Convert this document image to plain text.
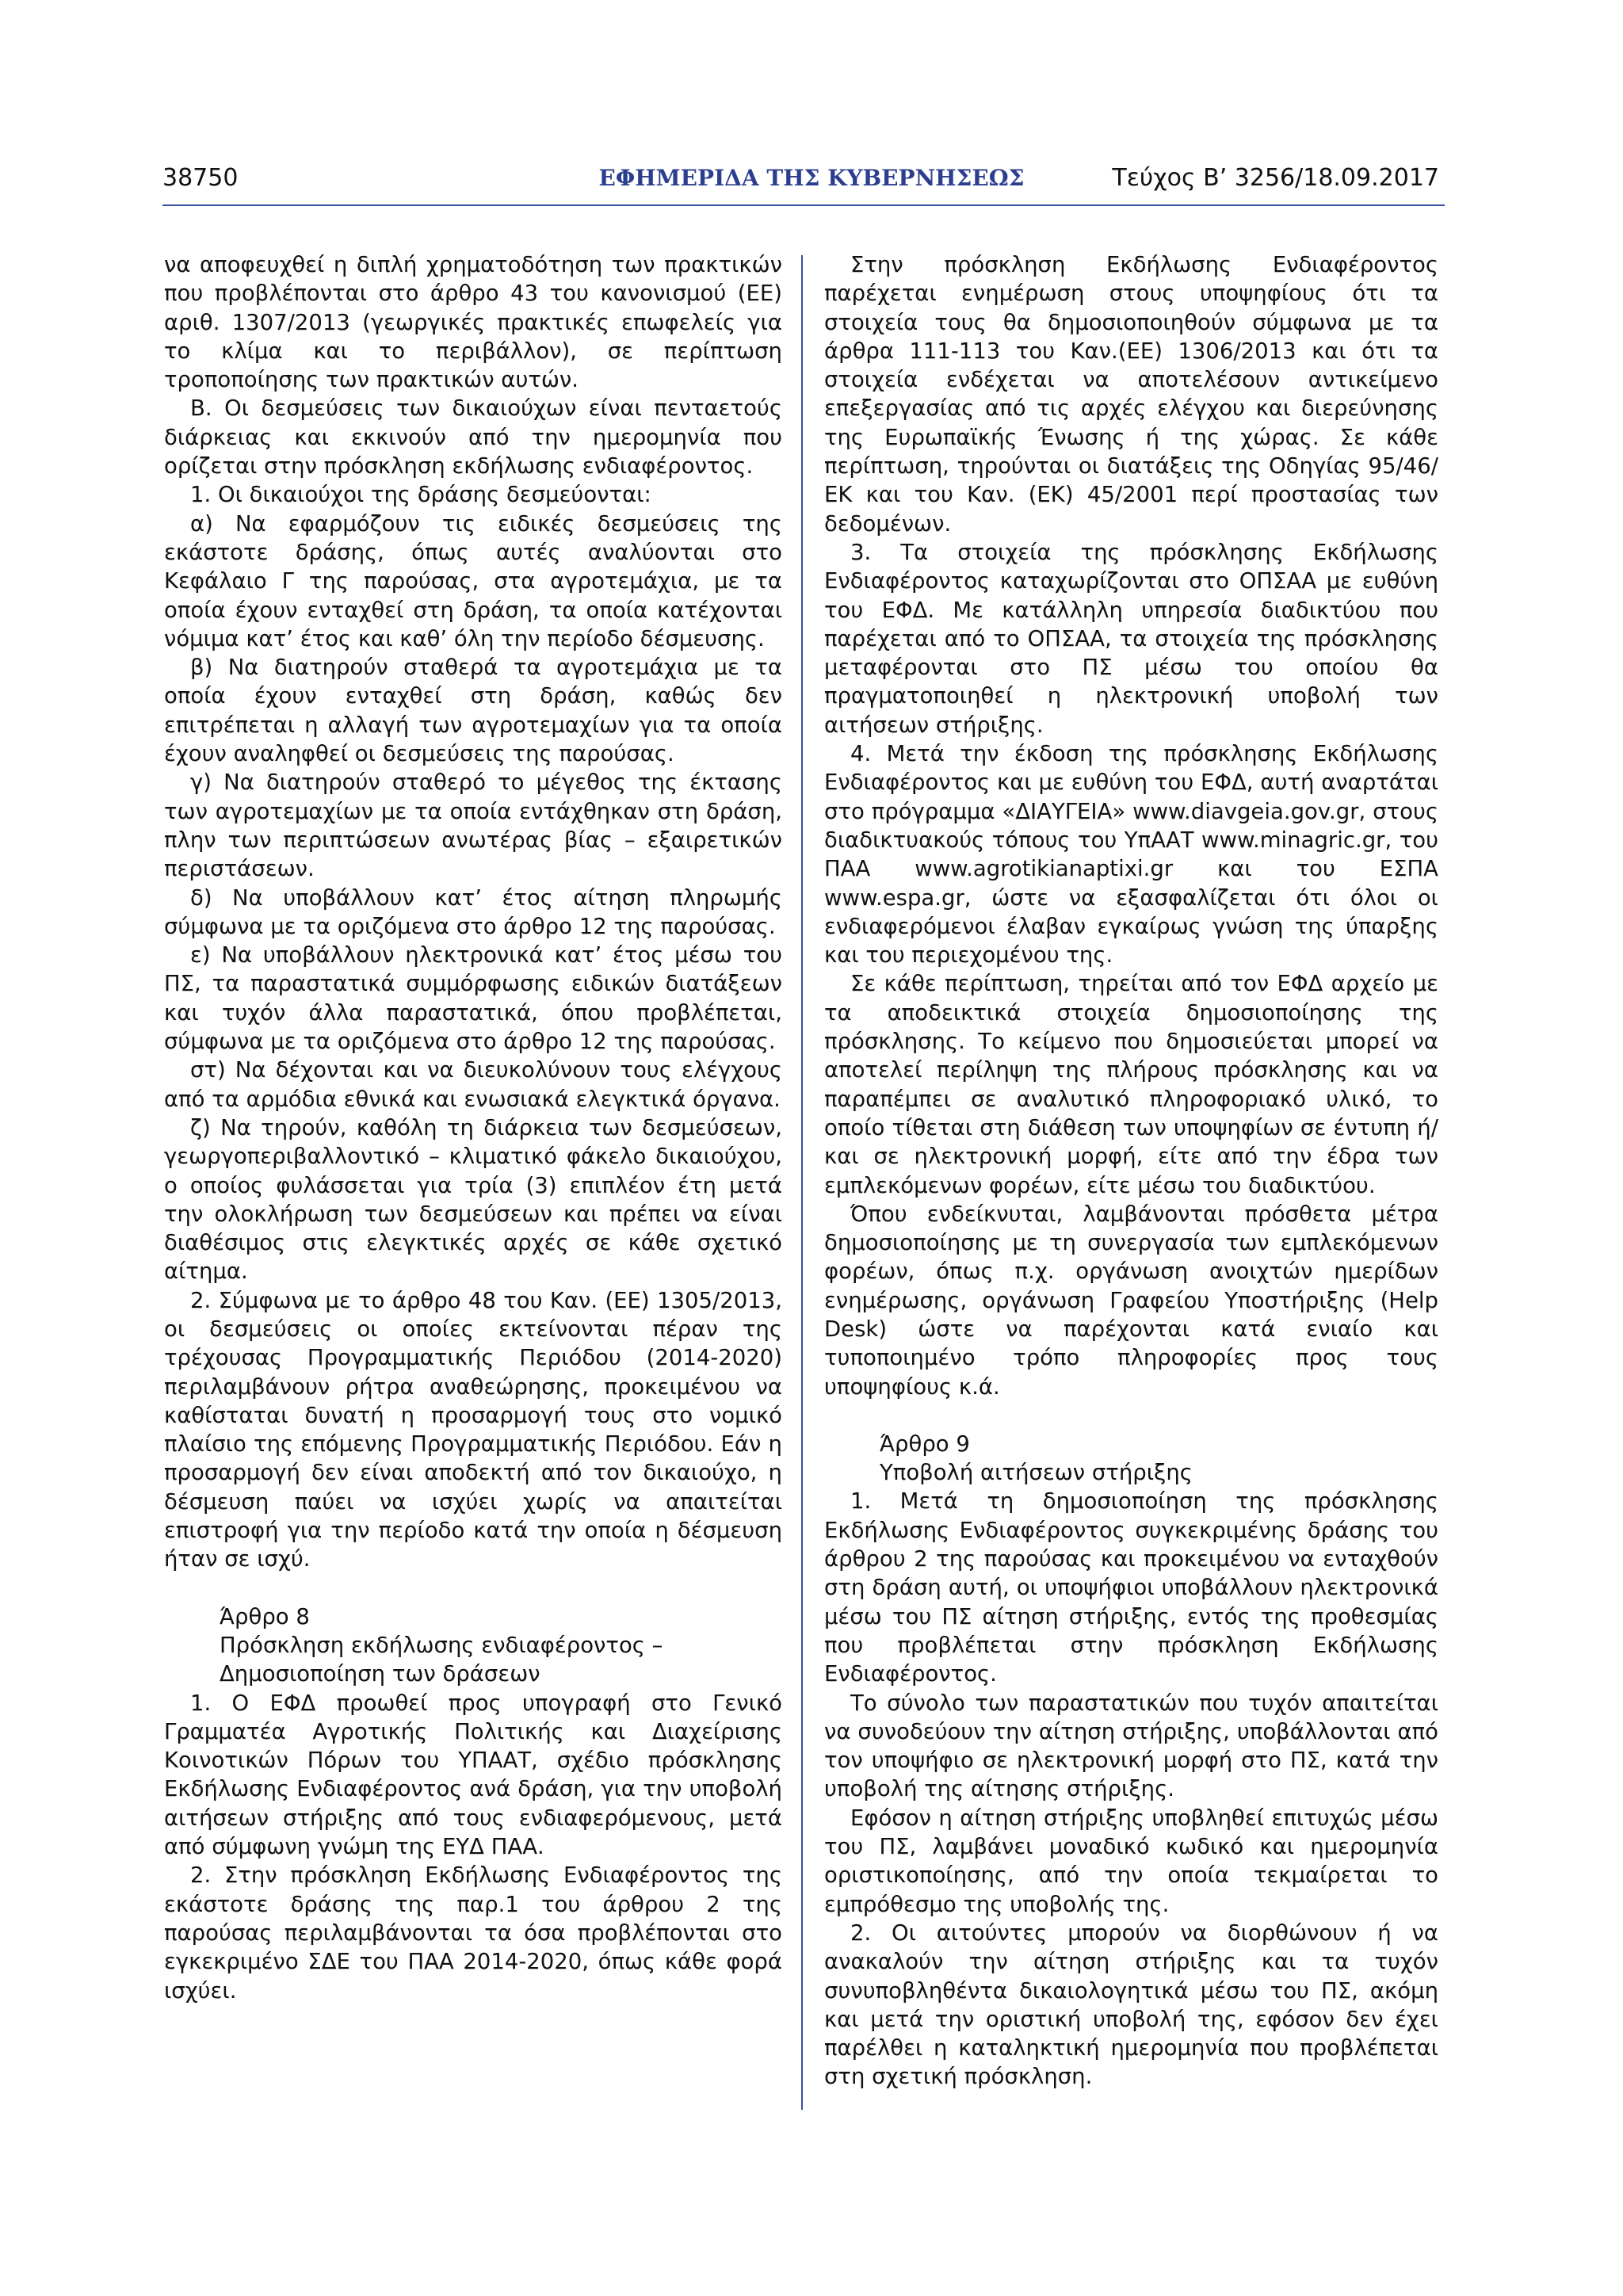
38750	ΕΦΗΜΕΡΙΔΑ ΤΗΣ ΚΥΒΕΡΝΗΣΕΩΣ	Τεύχος Β’ 3256/18.09.2017

να αποφευχθεί η διπλή χρηματοδότηση των πρακτικών που προβλέπονται στο άρθρο 43 του κανονισμού (ΕΕ) αριθ. 1307/2013 (γεωργικές πρακτικές επωφελείς για το κλίμα και το περιβάλλον), σε περίπτωση τροποποίησης των πρακτικών αυτών.

Β. Οι δεσμεύσεις των δικαιούχων είναι πενταετούς διάρκειας και εκκινούν από την ημερομηνία που ορίζεται στην πρόσκληση εκδήλωσης ενδιαφέροντος.

1. Οι δικαιούχοι της δράσης δεσμεύονται:

α) Να εφαρμόζουν τις ειδικές δεσμεύσεις της εκάστοτε δράσης, όπως αυτές αναλύονται στο Κεφάλαιο Γ της παρούσας, στα αγροτεμάχια, με τα οποία έχουν ενταχθεί στη δράση, τα οποία κατέχονται νόμιμα κατ’ έτος και καθ’ όλη την περίοδο δέσμευσης.

β) Να διατηρούν σταθερά τα αγροτεμάχια με τα οποία έχουν ενταχθεί στη δράση, καθώς δεν επιτρέπεται η αλλαγή των αγροτεμαχίων για τα οποία έχουν αναληφθεί οι δεσμεύσεις της παρούσας.

γ) Να διατηρούν σταθερό το μέγεθος της έκτασης των αγροτεμαχίων με τα οποία εντάχθηκαν στη δράση, πλην των περιπτώσεων ανωτέρας βίας – εξαιρετικών περιστάσεων.

δ) Να υποβάλλουν κατ’ έτος αίτηση πληρωμής σύμφωνα με τα οριζόμενα στο άρθρο 12 της παρούσας.

ε) Να υποβάλλουν ηλεκτρονικά κατ’ έτος μέσω του ΠΣ, τα παραστατικά συμμόρφωσης ειδικών διατάξεων και τυχόν άλλα παραστατικά, όπου προβλέπεται, σύμφωνα με τα οριζόμενα στο άρθρο 12 της παρούσας.

στ) Να δέχονται και να διευκολύνουν τους ελέγχους από τα αρμόδια εθνικά και ενωσιακά ελεγκτικά όργανα.

ζ) Να τηρούν, καθόλη τη διάρκεια των δεσμεύσεων, γεωργοπεριβαλλοντικό – κλιματικό φάκελο δικαιούχου, ο οποίος φυλάσσεται για τρία (3) επιπλέον έτη μετά την ολοκλήρωση των δεσμεύσεων και πρέπει να είναι διαθέσιμος στις ελεγκτικές αρχές σε κάθε σχετικό αίτημα.

2. Σύμφωνα με το άρθρο 48 του Καν. (ΕΕ) 1305/2013, οι δεσμεύσεις οι οποίες εκτείνονται πέραν της τρέχουσας Προγραμματικής Περιόδου (2014-2020) περιλαμβάνουν ρήτρα αναθεώρησης, προκειμένου να καθίσταται δυνατή η προσαρμογή τους στο νομικό πλαίσιο της επόμενης Προγραμματικής Περιόδου. Εάν η προσαρμογή δεν είναι αποδεκτή από τον δικαιούχο, η δέσμευση παύει να ισχύει χωρίς να απαιτείται επιστροφή για την περίοδο κατά την οποία η δέσμευση ήταν σε ισχύ.

Άρθρο 8

Πρόσκληση εκδήλωσης ενδιαφέροντος –

Δημοσιοποίηση των δράσεων

1. Ο ΕΦΔ προωθεί προς υπογραφή στο Γενικό Γραμματέα Αγροτικής Πολιτικής και Διαχείρισης Κοινοτικών Πόρων του ΥΠΑΑΤ, σχέδιο πρόσκλησης Εκδήλωσης Ενδιαφέροντος ανά δράση, για την υποβολή αιτήσεων στήριξης από τους ενδιαφερόμενους, μετά από σύμφωνη γνώμη της ΕΥΔ ΠΑΑ.

2. Στην πρόσκληση Εκδήλωσης Ενδιαφέροντος της εκάστοτε δράσης της παρ.1 του άρθρου 2 της παρούσας περιλαμβάνονται τα όσα προβλέπονται στο εγκεκριμένο ΣΔΕ του ΠΑΑ 2014-2020, όπως κάθε φορά ισχύει.

Στην πρόσκληση Εκδήλωσης Ενδιαφέροντος παρέχεται ενημέρωση στους υποψηφίους ότι τα στοιχεία τους θα δημοσιοποιηθούν σύμφωνα με τα άρθρα 111-113 του Καν.(ΕΕ) 1306/2013 και ότι τα στοιχεία ενδέχεται να αποτελέσουν αντικείμενο επεξεργασίας από τις αρχές ελέγχου και διερεύνησης της Ευρωπαϊκής Ένωσης ή της χώρας. Σε κάθε περίπτωση, τηρούνται οι διατάξεις της Οδηγίας 95/46/ΕΚ και του Καν. (ΕΚ) 45/2001 περί προστασίας των δεδομένων.

3. Τα στοιχεία της πρόσκλησης Εκδήλωσης Ενδιαφέροντος καταχωρίζονται στο ΟΠΣΑΑ με ευθύνη του ΕΦΔ. Με κατάλληλη υπηρεσία διαδικτύου που παρέχεται από το ΟΠΣΑΑ, τα στοιχεία της πρόσκλησης μεταφέρονται στο ΠΣ μέσω του οποίου θα πραγματοποιηθεί η ηλεκτρονική υποβολή των αιτήσεων στήριξης.

4. Μετά την έκδοση της πρόσκλησης Εκδήλωσης Ενδιαφέροντος και με ευθύνη του ΕΦΔ, αυτή αναρτάται στο πρόγραμμα «ΔΙΑΥΓΕΙΑ» www.diavgeia.gov.gr, στους διαδικτυακούς τόπους του ΥπΑΑΤ www.minagric.gr, του ΠΑΑ www.agrotikianaptixi.gr και του ΕΣΠΑ www.espa.gr, ώστε να εξασφαλίζεται ότι όλοι οι ενδιαφερόμενοι έλαβαν εγκαίρως γνώση της ύπαρξης και του περιεχομένου της.

Σε κάθε περίπτωση, τηρείται από τον ΕΦΔ αρχείο με τα αποδεικτικά στοιχεία δημοσιοποίησης της πρόσκλησης. Το κείμενο που δημοσιεύεται μπορεί να αποτελεί περίληψη της πλήρους πρόσκλησης και να παραπέμπει σε αναλυτικό πληροφοριακό υλικό, το οποίο τίθεται στη διάθεση των υποψηφίων σε έντυπη ή/και σε ηλεκτρονική μορφή, είτε από την έδρα των εμπλεκόμενων φορέων, είτε μέσω του διαδικτύου.

Όπου ενδείκνυται, λαμβάνονται πρόσθετα μέτρα δημοσιοποίησης με τη συνεργασία των εμπλεκόμενων φορέων, όπως π.χ. οργάνωση ανοιχτών ημερίδων ενημέρωσης, οργάνωση Γραφείου Υποστήριξης (Help Desk) ώστε να παρέχονται κατά ενιαίο και τυποποιημένο τρόπο πληροφορίες προς τους υποψηφίους κ.ά.

Άρθρο 9

Υποβολή αιτήσεων στήριξης

1. Μετά τη δημοσιοποίηση της πρόσκλησης Εκδήλωσης Ενδιαφέροντος συγκεκριμένης δράσης του άρθρου 2 της παρούσας και προκειμένου να ενταχθούν στη δράση αυτή, οι υποψήφιοι υποβάλλουν ηλεκτρονικά μέσω του ΠΣ αίτηση στήριξης, εντός της προθεσμίας που προβλέπεται στην πρόσκληση Εκδήλωσης Ενδιαφέροντος.

Το σύνολο των παραστατικών που τυχόν απαιτείται να συνοδεύουν την αίτηση στήριξης, υποβάλλονται από τον υποψήφιο σε ηλεκτρονική μορφή στο ΠΣ, κατά την υποβολή της αίτησης στήριξης.

Εφόσον η αίτηση στήριξης υποβληθεί επιτυχώς μέσω του ΠΣ, λαμβάνει μοναδικό κωδικό και ημερομηνία οριστικοποίησης, από την οποία τεκμαίρεται το εμπρόθεσμο της υποβολής της.

2. Οι αιτούντες μπορούν να διορθώνουν ή να ανακαλούν την αίτηση στήριξης και τα τυχόν συνυποβληθέντα δικαιολογητικά μέσω του ΠΣ, ακόμη και μετά την οριστική υποβολή της, εφόσον δεν έχει παρέλθει η καταληκτική ημερομηνία που προβλέπεται στη σχετική πρόσκληση.
